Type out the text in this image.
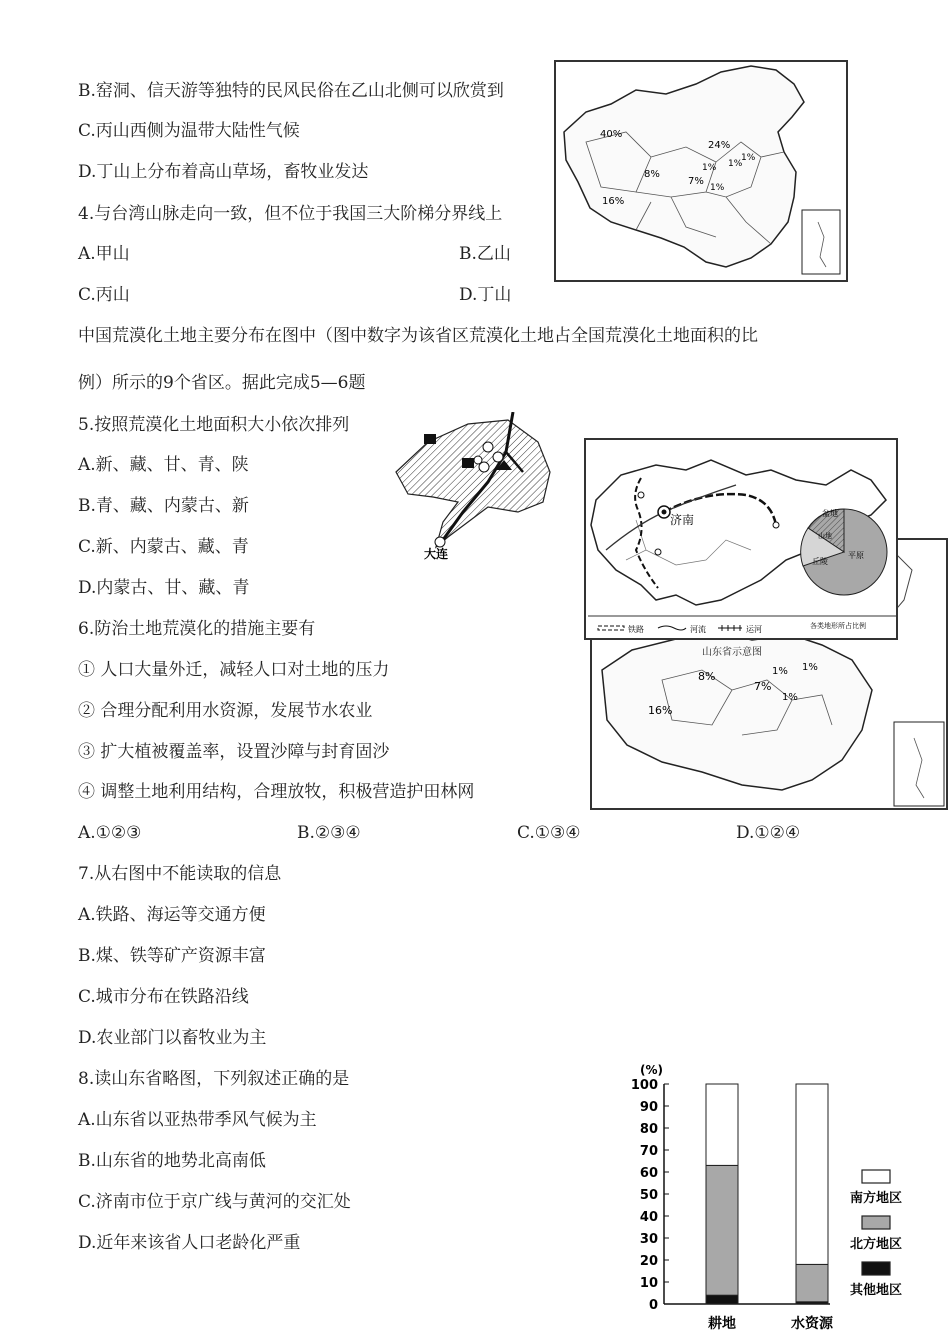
B.窑洞、信天游等独特的民风民俗在乙山北侧可以欣赏到
C.丙山西侧为温带大陆性气候
D.丁山上分布着高山草场，畜牧业发达
4.与台湾山脉走向一致，但不位于我国三大阶梯分界线上
A.甲山	B.乙山
C.丙山	D.丁山
中国荒漠化土地主要分布在图中（图中数字为该省区荒漠化土地占全国荒漠化土地面积的比
例）所示的9个省区。据此完成5—6题
5.按照荒漠化土地面积大小依次排列
A.新、藏、甘、青、陕
B.青、藏、内蒙古、新
C.新、内蒙古、藏、青
D.内蒙古、甘、藏、青
6.防治土地荒漠化的措施主要有
① 人口大量外迁，减轻人口对土地的压力
② 合理分配利用水资源，发展节水农业
③ 扩大植被覆盖率，设置沙障与封育固沙
④ 调整土地利用结构，合理放牧，积极营造护田林网
A.①②③	B.②③④	C.①③④	D.①②④
7.从右图中不能读取的信息
A.铁路、海运等交通方便
B.煤、铁等矿产资源丰富
C.城市分布在铁路沿线
D.农业部门以畜牧业为主
8.读山东省略图，下列叙述正确的是
A.山东省以亚热带季风气候为主
B.山东省的地势北高南低
C.济南市位于京广线与黄河的交汇处
D.近年来该省人口老龄化严重
40%
24%
8%
16%
7%
1% 1%
1%
1%
大连
8%
16%
7%
1% 1%
1%
济南	盆地
山地
丘陵
平原
各类地形所占比例
铁路	河流	运河
山东省示意图
(%)
0
10
20
30
40
50
60
70
80
90
100
耕地	水资源
南方地区
北方地区
其他地区
